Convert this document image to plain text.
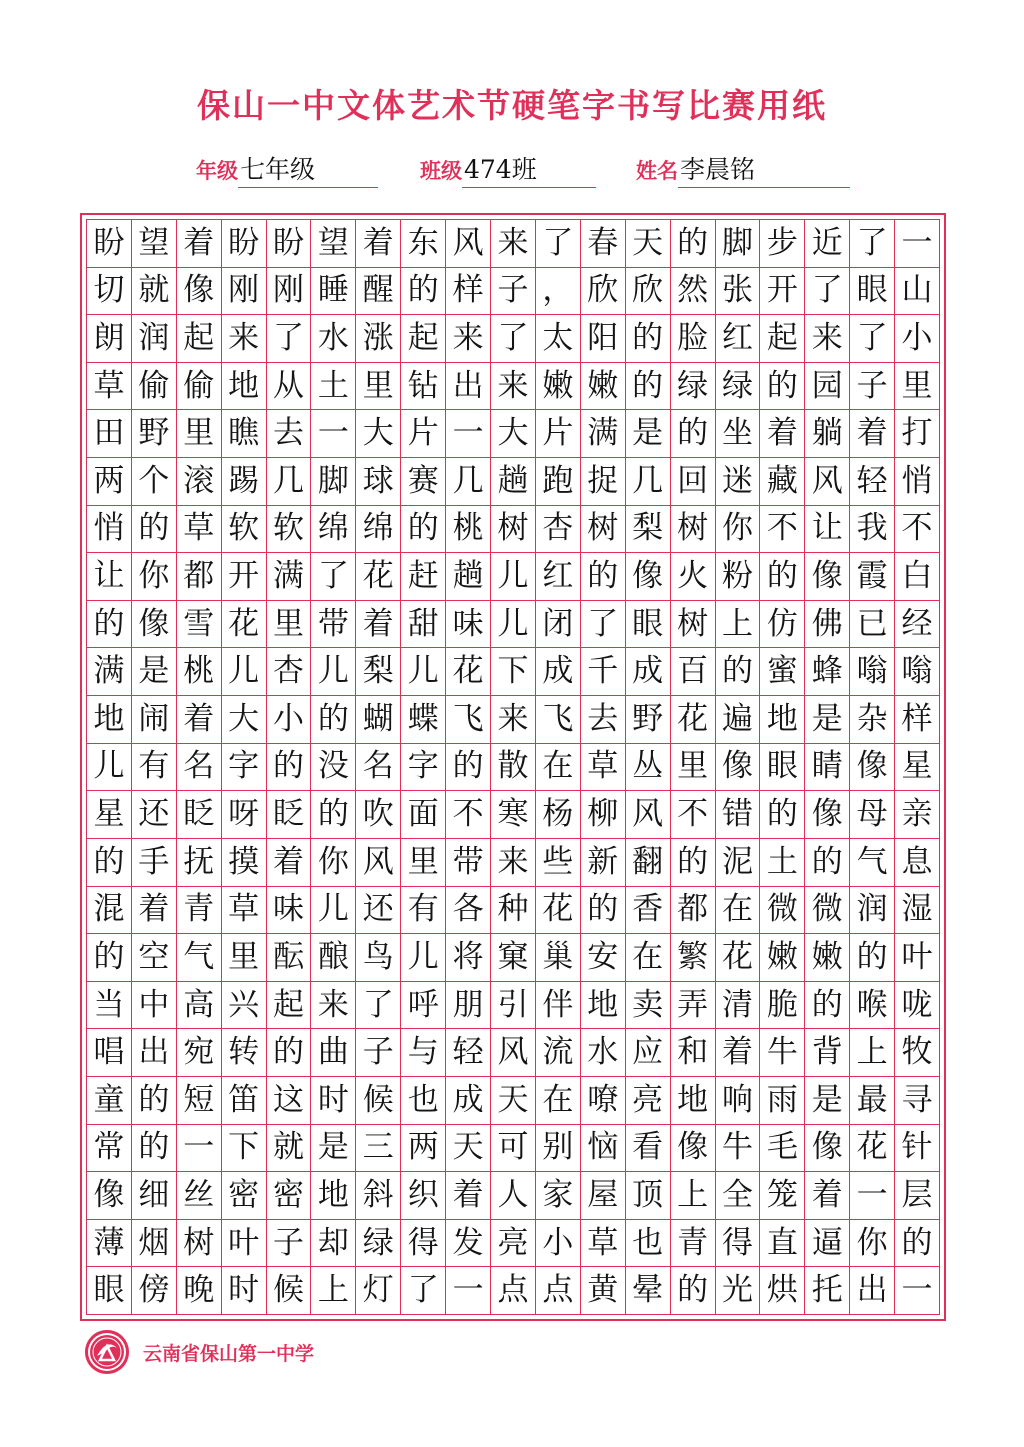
保山一中文体艺术节硬笔字书写比赛用纸
年级 七年级	班级 474班	姓名 李晨铭
盼 望 着 盼 盼 望 着 东 风 来 了 春 天 的 脚 步 近 了 一
切 就 像 刚 刚 睡 醒 的 样 子 ， 欣 欣 然 张 开 了 眼 山
朗 润 起 来 了 水 涨 起 来 了 太 阳 的 脸 红 起 来 了 小
草 偷 偷 地 从 土 里 钻 出 来 嫩 嫩 的 绿 绿 的 园 子 里
田 野 里 瞧 去 一 大 片 一 大 片 满 是 的 坐 着 躺 着 打
两 个 滚 踢 几 脚 球 赛 几 趟 跑 捉 几 回 迷 藏 风 轻 悄
悄 的 草 软 软 绵 绵 的 桃 树 杏 树 梨 树 你 不 让 我 不
让 你 都 开 满 了 花 赶 趟 儿 红 的 像 火 粉 的 像 霞 白
的 像 雪 花 里 带 着 甜 味 儿 闭 了 眼 树 上 仿 佛 已 经
满 是 桃 儿 杏 儿 梨 儿 花 下 成 千 成 百 的 蜜 蜂 嗡 嗡
地 闹 着 大 小 的 蝴 蝶 飞 来 飞 去 野 花 遍 地 是 杂 样
儿 有 名 字 的 没 名 字 的 散 在 草 丛 里 像 眼 睛 像 星
星 还 眨 呀 眨 的 吹 面 不 寒 杨 柳 风 不 错 的 像 母 亲
的 手 抚 摸 着 你 风 里 带 来 些 新 翻 的 泥 土 的 气 息
混 着 青 草 味 儿 还 有 各 种 花 的 香 都 在 微 微 润 湿
的 空 气 里 酝 酿 鸟 儿 将 窠 巢 安 在 繁 花 嫩 嫩 的 叶
当 中 高 兴 起 来 了 呼 朋 引 伴 地 卖 弄 清 脆 的 喉 咙
唱 出 宛 转 的 曲 子 与 轻 风 流 水 应 和 着 牛 背 上 牧
童 的 短 笛 这 时 候 也 成 天 在 嘹 亮 地 响 雨 是 最 寻
常 的 一 下 就 是 三 两 天 可 别 恼 看 像 牛 毛 像 花 针
像 细 丝 密 密 地 斜 织 着 人 家 屋 顶 上 全 笼 着 一 层
薄 烟 树 叶 子 却 绿 得 发 亮 小 草 也 青 得 直 逼 你 的
眼 傍 晚 时 候 上 灯 了 一 点 点 黄 晕 的 光 烘 托 出 一
云南省保山第一中学
